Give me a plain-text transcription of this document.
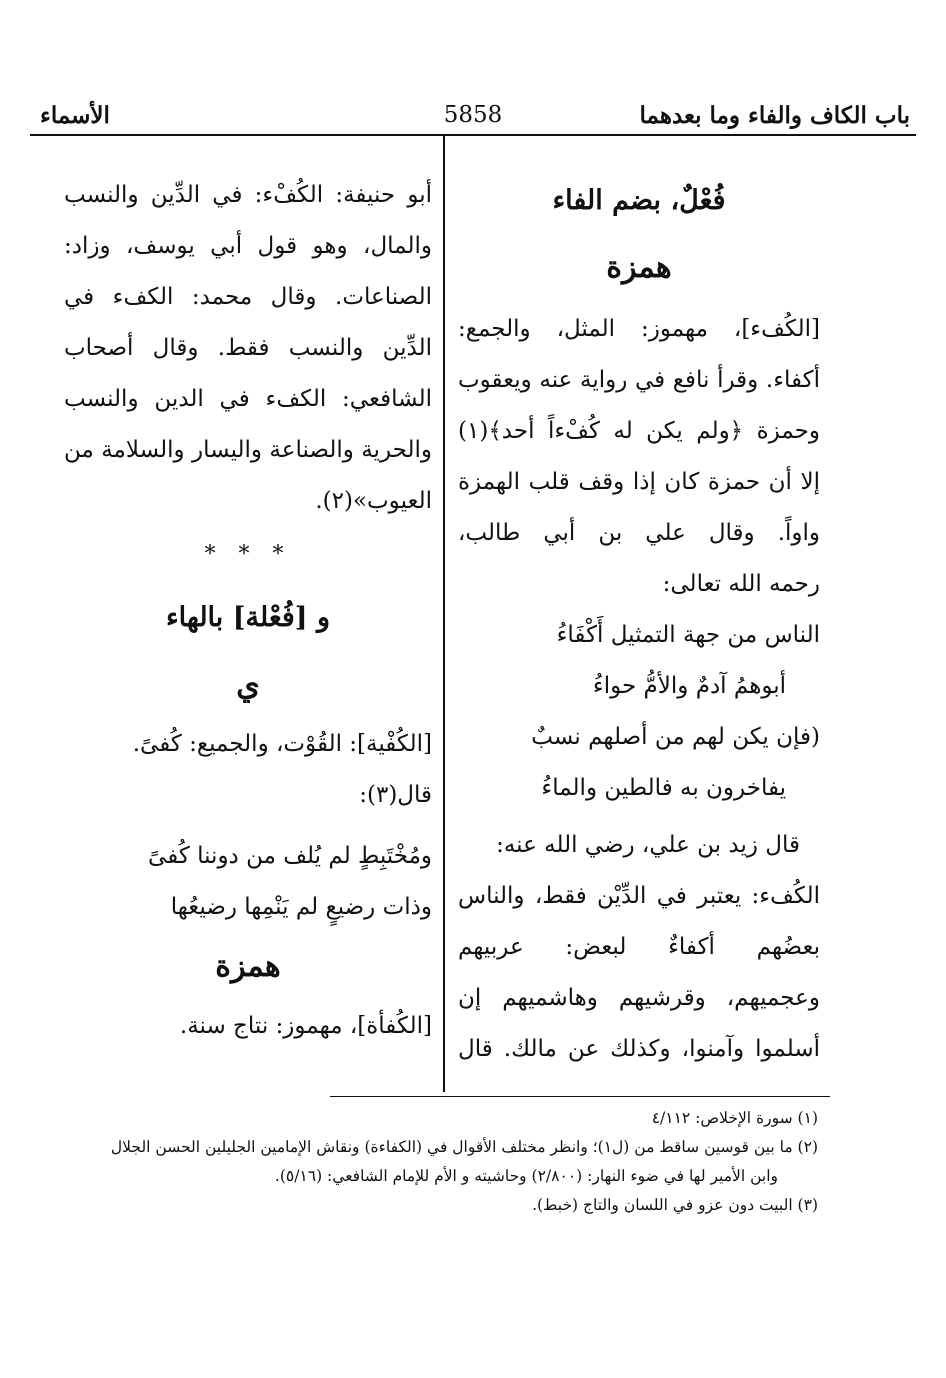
باب الكاف والفاء وما بعدهما
5858
الأسماء
فُعْلٌ، بضم الفاء
همزة
[الكُفء]، مهموز: المثل، والجمع:
أكفاء. وقرأ نافع في رواية عنه ويعقوب
وحمزة ﴿ولم يكن له كُفْءاً أحد﴾(١)
إلا أن حمزة كان إذا وقف قلب الهمزة
واواً. وقال علي بن أبي طالب،
رحمه الله تعالى:
الناس من جهة التمثيل أَكْفَاءُ
أبوهمُ آدمٌ والأمُّ حواءُ
(فإن يكن لهم من أصلهم نسبٌ
يفاخرون به فالطين والماءُ
قال زيد بن علي، رضي الله عنه:
الكُفء: يعتبر في الدِّيْن فقط، والناس
بعضُهم أكفاءٌ لبعض: عربيهم
وعجميهم، وقرشيهم وهاشميهم إن
أسلموا وآمنوا، وكذلك عن مالك. قال
أبو حنيفة: الكُفْء: في الدِّين والنسب
والمال، وهو قول أبي يوسف، وزاد:
الصناعات. وقال محمد: الكفء في
الدِّين والنسب فقط. وقال أصحاب
الشافعي: الكفء في الدين والنسب
والحرية والصناعة واليسار والسلامة من
العيوب»(٢).
* * *
و [فُعْلة] بالهاء
ي
[الكُفْية]: القُوْت، والجميع: كُفىً.
قال(٣):
ومُخْتَبِطٍ لم يُلف من دوننا كُفىً
وذات رضيعٍ لم يَنْمِها رضيعُها
همزة
[الكُفأة]، مهموز: نتاج سنة.
(١) سورة الإخلاص: ٤/١١٢
(٢) ما بين قوسين ساقط من (ل١)؛ وانظر مختلف الأقوال في (الكفاءة) ونقاش الإمامين الجليلين الحسن الجلال
وابن الأمير لها في ضوء النهار: (٢/٨٠٠) وحاشيته و الأم للإمام الشافعي: (٥/١٦).
(٣) البيت دون عزو في اللسان والتاج (خبط).
